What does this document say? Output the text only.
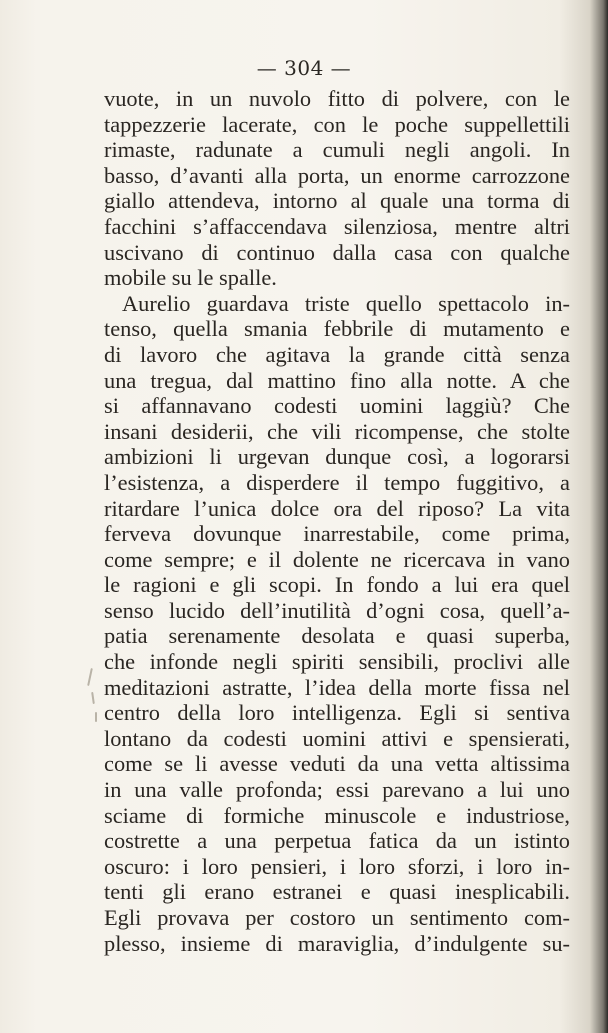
— 304 —
vuote, in un nuvolo fitto di polvere, con le
tappezzerie lacerate, con le poche suppellettili
rimaste, radunate a cumuli negli angoli. In
basso, d’avanti alla porta, un enorme carrozzone
giallo attendeva, intorno al quale una torma di
facchini s’affaccendava silenziosa, mentre altri
uscivano di continuo dalla casa con qualche
mobile su le spalle.
Aurelio guardava triste quello spettacolo in-
tenso, quella smania febbrile di mutamento e
di lavoro che agitava la grande città senza
una tregua, dal mattino fino alla notte. A che
si affannavano codesti uomini laggiù? Che
insani desiderii, che vili ricompense, che stolte
ambizioni li urgevan dunque così, a logorarsi
l’esistenza, a disperdere il tempo fuggitivo, a
ritardare l’unica dolce ora del riposo? La vita
ferveva dovunque inarrestabile, come prima,
come sempre; e il dolente ne ricercava in vano
le ragioni e gli scopi. In fondo a lui era quel
senso lucido dell’inutilità d’ogni cosa, quell’a-
patia serenamente desolata e quasi superba,
che infonde negli spiriti sensibili, proclivi alle
meditazioni astratte, l’idea della morte fissa nel
centro della loro intelligenza. Egli si sentiva
lontano da codesti uomini attivi e spensierati,
come se li avesse veduti da una vetta altissima
in una valle profonda; essi parevano a lui uno
sciame di formiche minuscole e industriose,
costrette a una perpetua fatica da un istinto
oscuro: i loro pensieri, i loro sforzi, i loro in-
tenti gli erano estranei e quasi inesplicabili.
Egli provava per costoro un sentimento com-
plesso, insieme di maraviglia, d’indulgente su-
